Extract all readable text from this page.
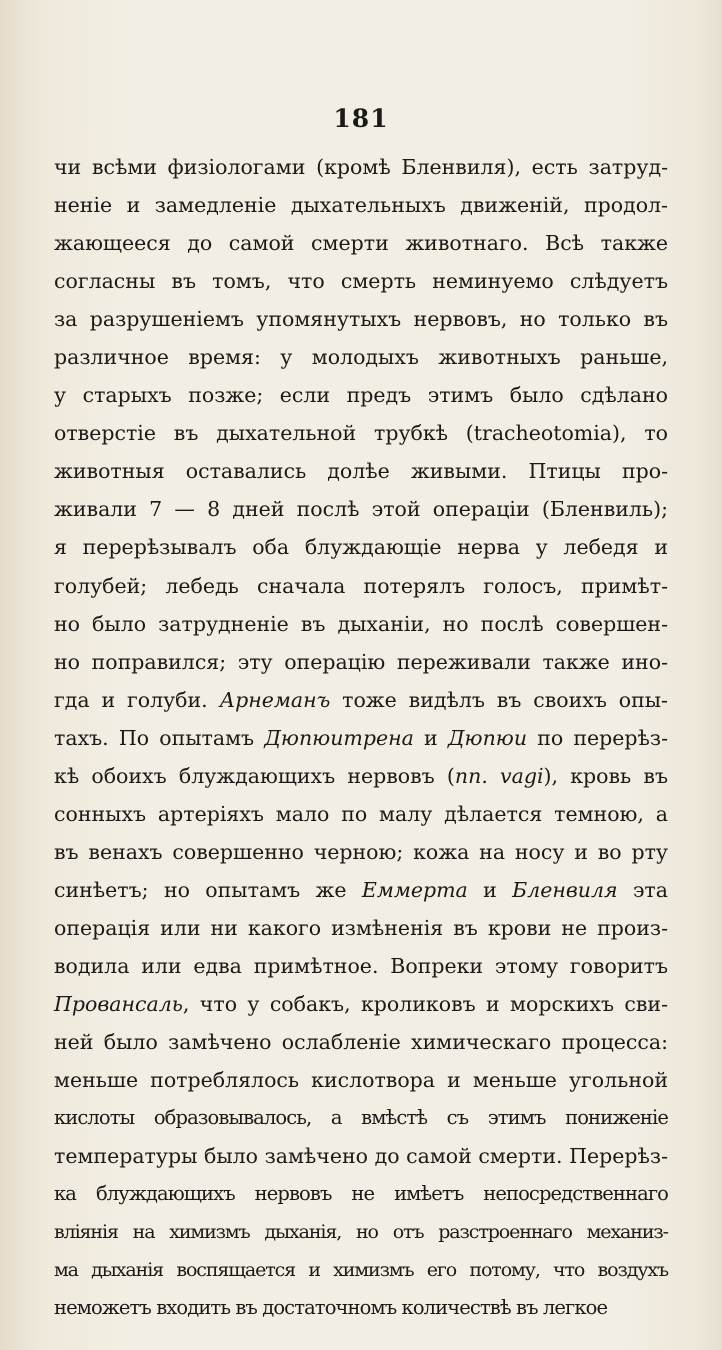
181
чи всѣми физіологами (кромѣ Бленвиля), есть затруд-
неніе и замедленіе дыхательныхъ движеній, продол-
жающееся до самой смерти животнаго. Всѣ также
согласны въ томъ, что смерть неминуемо слѣдуетъ
за разрушеніемъ упомянутыхъ нервовъ, но только въ
различное время: у молодыхъ животныхъ раньше,
у старыхъ позже; если предъ этимъ было сдѣлано
отверстіе въ дыхательной трубкѣ (tracheotomia), то
животныя оставались долѣе живыми. Птицы про-
живали 7 — 8 дней послѣ этой операціи (Бленвиль);
я перерѣзывалъ оба блуждающіе нерва у лебедя и
голубей; лебедь сначала потерялъ голосъ, примѣт-
но было затрудненіе въ дыханіи, но послѣ совершен-
но поправился; эту операцію переживали также ино-
гда и голуби. Арнеманъ тоже видѣлъ въ своихъ опы-
тахъ. По опытамъ Дюпюитрена и Дюпюи по перерѣз-
кѣ обоихъ блуждающихъ нервовъ (nn. vagi), кровь въ
сонныхъ артеріяхъ мало по малу дѣлается темною, а
въ венахъ совершенно черною; кожа на носу и во рту
синѣетъ; но опытамъ же Еммерта и Бленвиля эта
операція или ни какого измѣненія въ крови не произ-
водила или едва примѣтное. Вопреки этому говоритъ
Прованcаль, что у собакъ, кроликовъ и морскихъ сви-
ней было замѣчено ослабленіе химическаго процесса:
меньше потреблялось кислотвора и меньше угольной
кислоты образовывалось, а вмѣстѣ съ этимъ пониженіе
температуры было замѣчено до самой смерти. Перерѣз-
ка блуждающихъ нервовъ не имѣетъ непосредственнаго
вліянія на химизмъ дыханія, но отъ разстроеннаго механиз-
ма дыханія воспящается и химизмъ его потому, что воздухъ
неможетъ входить въ достаточномъ количествѣ въ легкое
